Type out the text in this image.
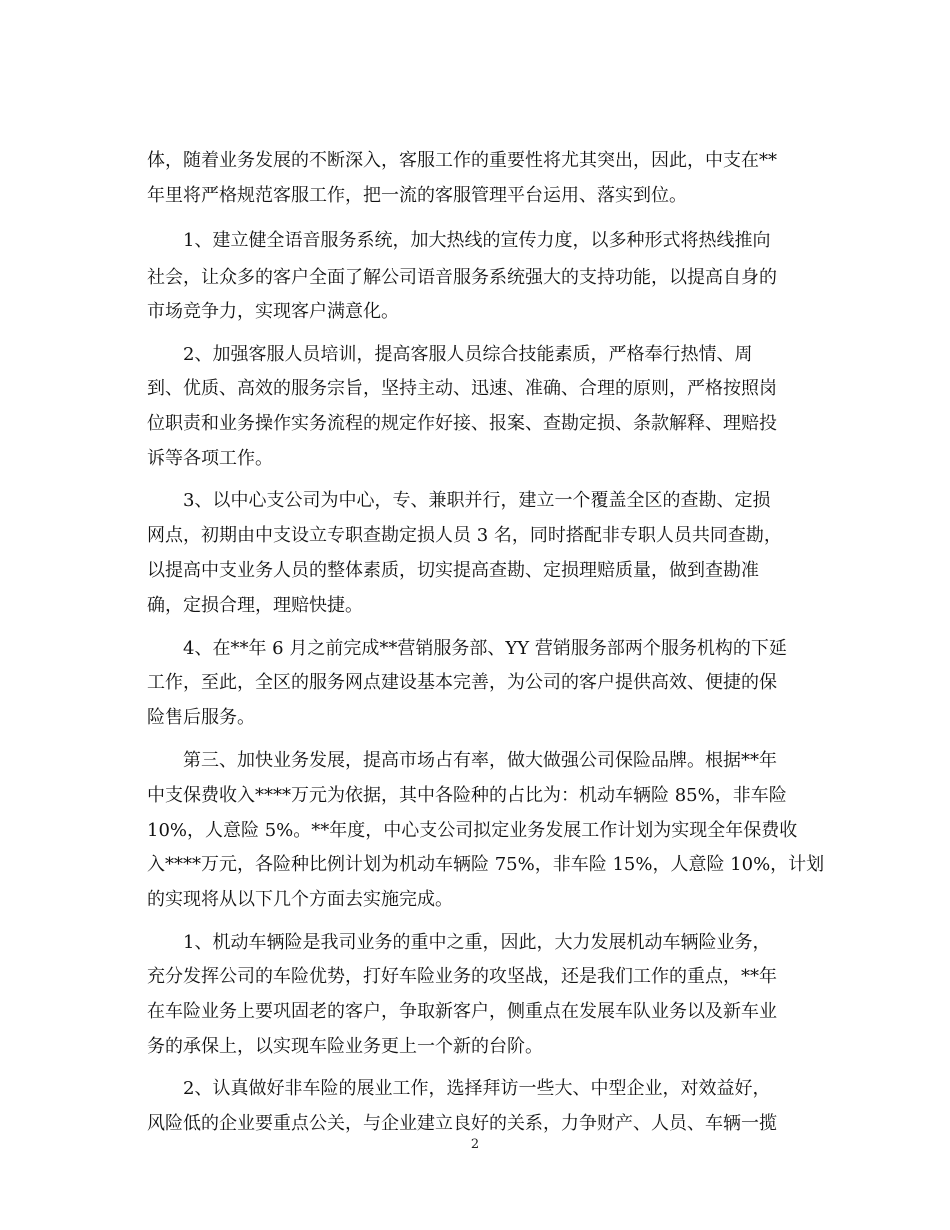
体，随着业务发展的不断深入，客服工作的重要性将尤其突出，因此，中支在**
年里将严格规范客服工作，把一流的客服管理平台运用、落实到位。
1、建立健全语音服务系统，加大热线的宣传力度，以多种形式将热线推向
社会，让众多的客户全面了解公司语音服务系统强大的支持功能，以提高自身的
市场竞争力，实现客户满意化。
2、加强客服人员培训，提高客服人员综合技能素质，严格奉行热情、周
到、优质、高效的服务宗旨，坚持主动、迅速、准确、合理的原则，严格按照岗
位职责和业务操作实务流程的规定作好接、报案、查勘定损、条款解释、理赔投
诉等各项工作。
3、以中心支公司为中心，专、兼职并行，建立一个覆盖全区的查勘、定损
网点，初期由中支设立专职查勘定损人员 3 名，同时搭配非专职人员共同查勘，
以提高中支业务人员的整体素质，切实提高查勘、定损理赔质量，做到查勘准
确，定损合理，理赔快捷。
4、在**年 6 月之前完成**营销服务部、YY 营销服务部两个服务机构的下延
工作，至此，全区的服务网点建设基本完善，为公司的客户提供高效、便捷的保
险售后服务。
第三、加快业务发展，提高市场占有率，做大做强公司保险品牌。根据**年
中支保费收入****万元为依据，其中各险种的占比为：机动车辆险 85%，非车险
10%，人意险 5%。**年度，中心支公司拟定业务发展工作计划为实现全年保费收
入****万元，各险种比例计划为机动车辆险 75%，非车险 15%，人意险 10%，计划
的实现将从以下几个方面去实施完成。
1、机动车辆险是我司业务的重中之重，因此，大力发展机动车辆险业务，
充分发挥公司的车险优势，打好车险业务的攻坚战，还是我们工作的重点，**年
在车险业务上要巩固老的客户，争取新客户，侧重点在发展车队业务以及新车业
务的承保上，以实现车险业务更上一个新的台阶。
2、认真做好非车险的展业工作，选择拜访一些大、中型企业，对效益好，
风险低的企业要重点公关，与企业建立良好的关系，力争财产、人员、车辆一揽
2
